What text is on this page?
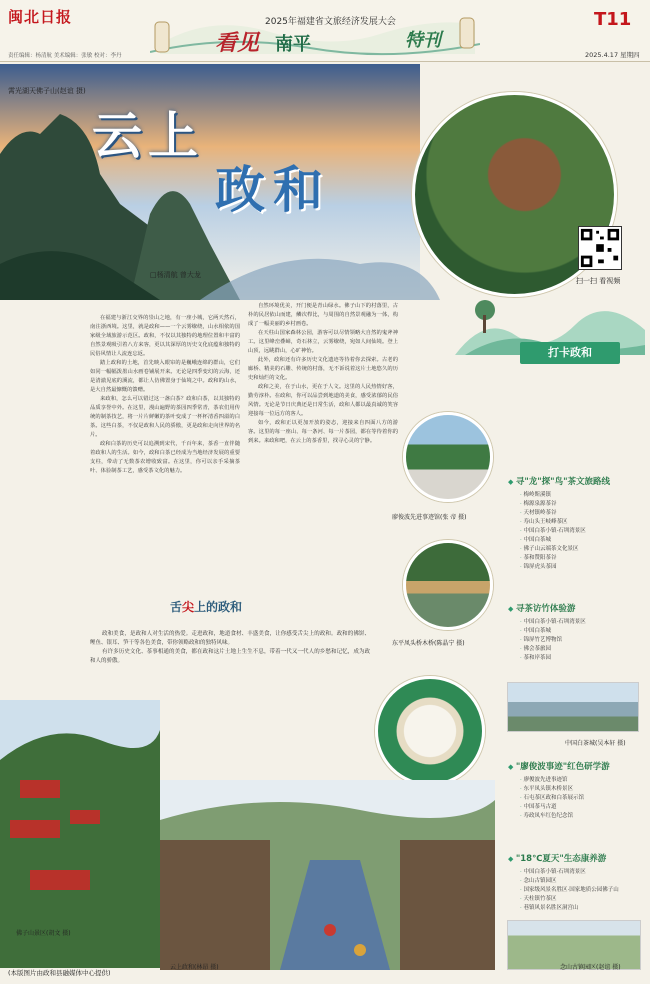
闽北日报	2025年福建省文旅经济发展大会
看见 南平	特刊
T11
2025.4.17 星期四
责任编辑：杨清航 美术编辑：张敏 校对：李丹
霄光湖天佛子山(赵谊 摄)
云上
政和
□杨清航 曾大龙
扫一扫 看视频

在福建与浙江交界的崇山之地，有一座小城，它两天然石，南注浙西境。这里，就是政和——一个云雾缭绕，山水相依的国家级全域旅游示范区。政和，不仅以其独特的地理位置和丰富的自然景观吸引着八方来客，更以其深厚的历史文化底蕴和独特的民俗风情让人流连忘返。

踏上政和的土地，首先映入眼帘的是巍峨连绵的群山，它们如同一幅幅泼墨山水画卷铺展开来。无论是四季变幻的云海，还是清澈见底的溪流，都让人仿佛置身于仙境之中。政和的山水，是大自然最慷慨的馈赠。

来政和，怎么可以错过这一盏白茶？政和白茶，以其独特的品质享誉中外。在这里，漫山遍野的茶园四季常青，茶农们用传统的制茶技艺，将一片片鲜嫩的茶叶变成了一杯杯清香四溢的白茶。这些白茶，不仅是政和人民的骄傲，更是政和走向世界的名片。

政和白茶的历史可以追溯到宋代，千百年来，茶香一直伴随着政和人的生活。如今，政和白茶已经成为当地经济发展的重要支柱，带动了无数茶农增收致富。在这里，你可以亲手采摘茶叶、体验制茶工艺，感受茶文化的魅力。

自然环境优美，开门便是青山绿水。佛子山下的村落里，古朴的民居依山而建，鳞次栉比，与周围的自然景观融为一体，构成了一幅美丽的乡村画卷。

在天柱山国家森林公园，游客可以尽情领略大自然的鬼斧神工。这里峰峦叠嶂，奇石林立，云雾缭绕，宛如人间仙境。登上山顶，远眺群山，心旷神怡。

此外，政和还有许多历史文化遗迹等待着你去探索。古老的廊桥、精美的石雕、传统的村落，无不诉说着这片土地悠久的历史和灿烂的文化。

政和之美，在于山水，更在于人文。这里的人民热情好客，勤劳淳朴。在政和，你可以品尝到地道的美食，感受浓郁的民俗风情。无论是节日庆典还是日常生活，政和人都以最真诚的笑容迎接每一位远方的客人。

如今，政和正以更加开放的姿态，迎接来自四面八方的游客。这里的每一座山、每一条河、每一片茶园，都在等待着你的到来。来政和吧，在云上的茶香里，找寻心灵的宁静。

廖俊波先进事迹馆(张 帝 摄)
东平凤头桥木桥(陈晶宁 摄)
打卡政和
◆ 寻"龙"探"鸟"茶文旅路线
· 梅岭斯溪镇
· 梅源泉源茶谷
· 天材镇岭茶谷
· 寿山头王岐峰茶区
· 中国白茶小镇·石圳湾景区
· 中国白茶城
· 佛子山云端茶文化景区
· 茶和赞阳茶谷
· 锦屏虎头茶园
◆ 寻茶访竹体验游
· 中国白茶小镇·石圳湾景区
· 中国白茶城
· 锦屏竹艺博物馆
· 佛会茶旅园
· 茶和岸茶园
中国白茶城(吴本轩 摄)
◆ "廖俊波事迹"红色研学游
· 廖俊波先进事迹馆
· 东平凤头镇木桥景区
· 石屯茶区政和白茶展示馆
· 中国茶马古道
· 寿政凤车红色纪念馆
◆ "18℃夏天"生态康养游
· 中国白茶小镇·石圳湾景区
· 念山古镇园区
· 国家级风景名胜区·国家地质公园佛子山
· 天柱镇竹茶区
· 巷镇风景名胜区洞宫山
舌尖上的政和

政和美食，是政和人对生活的热爱。走进政和，地道食材、丰盛美食，让你感受舌尖上的政和。政和的佛饼、鲤鱼、银耳、笋干等各色美食，带你领略政和的独特风味。

有许多历史文化、茶事相通的美食，都在政和这片土地上生生不息，带着一代又一代人的乡愁和记忆，成为政和人的骄傲。

佛子山景区(胡文 摄)
云上政和(林昂 摄)	念山古镇园区(赵谊 摄)
(本版图片由政和县融媒体中心提供)
